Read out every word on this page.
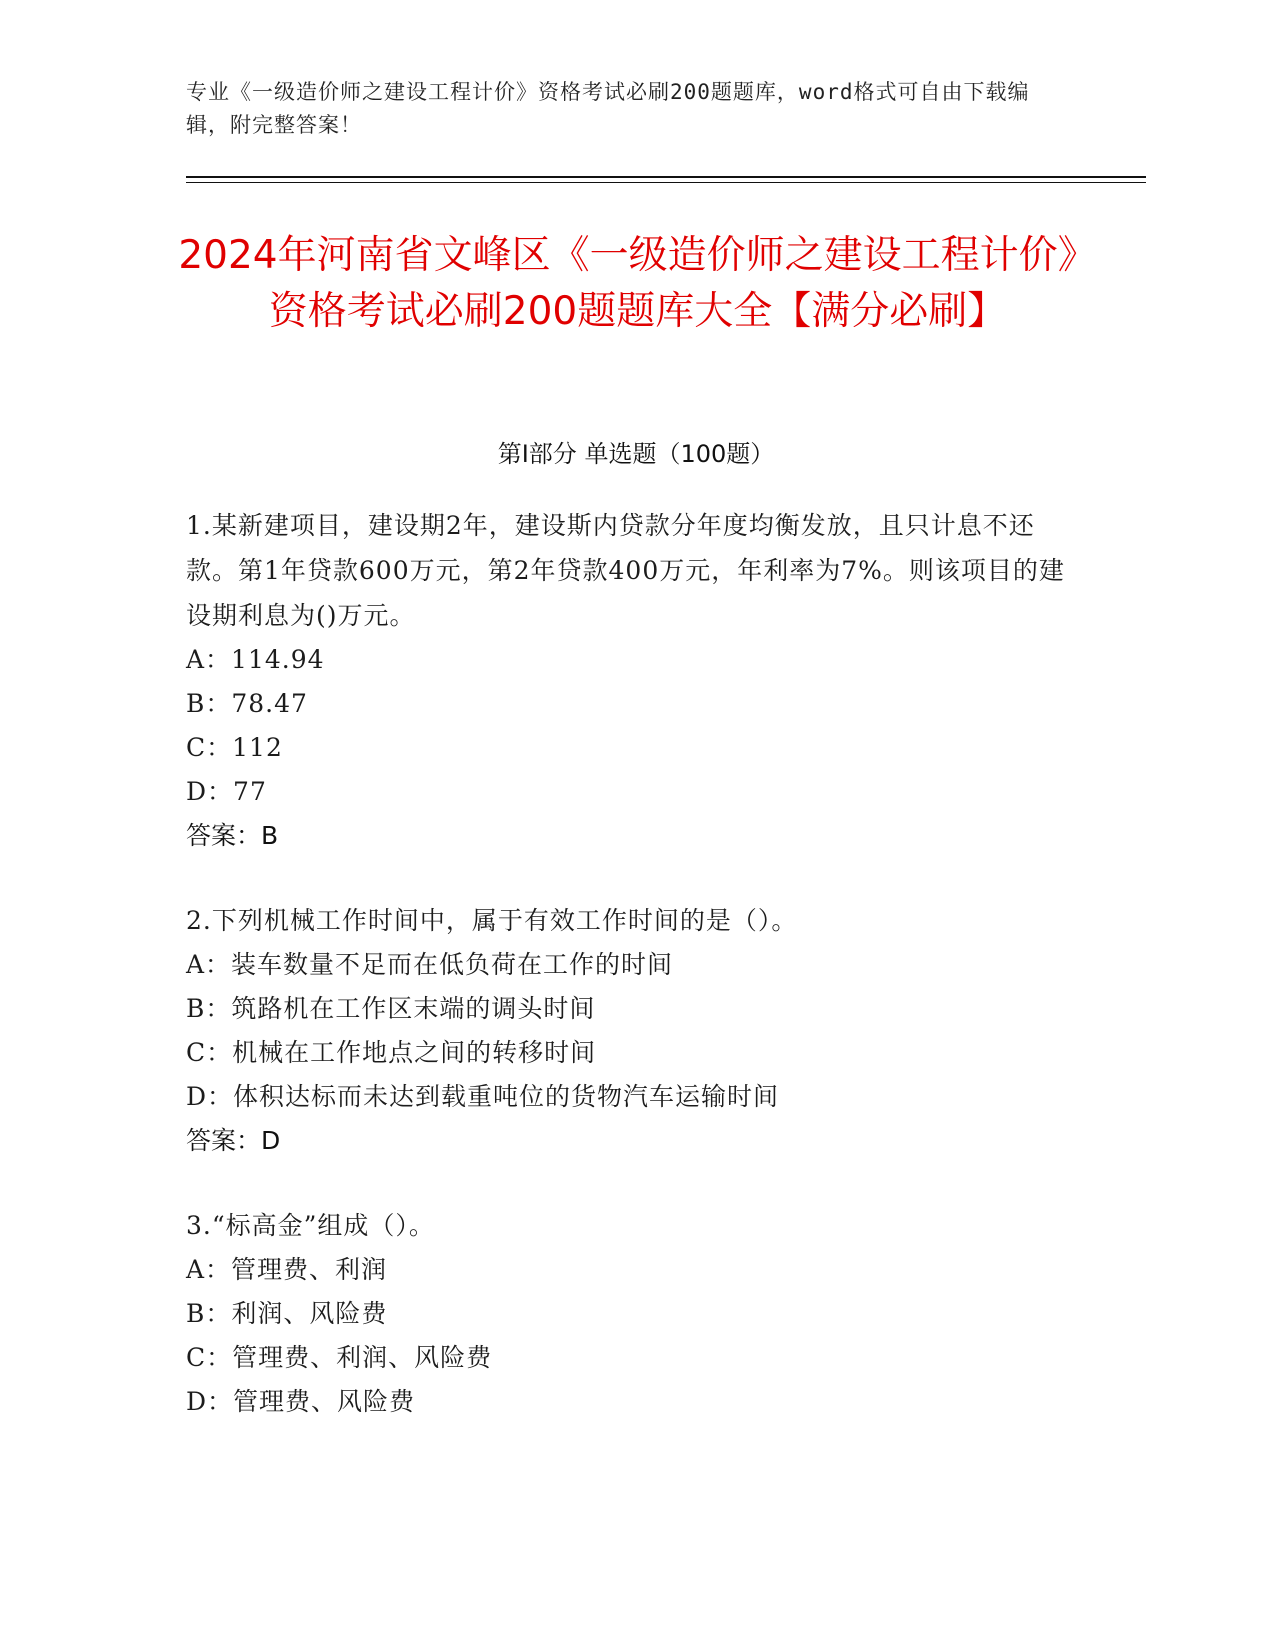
专业《一级造价师之建设工程计价》资格考试必刷200题题库，word格式可自由下载编辑，附完整答案！
2024年河南省文峰区《一级造价师之建设工程计价》资格考试必刷200题题库大全【满分必刷】
第I部分 单选题（100题）
1.某新建项目，建设期2年，建设斯内贷款分年度均衡发放，且只计息不还款。第1年贷款600万元，第2年贷款400万元，年利率为7%。则该项目的建设期利息为()万元。
A：114.94
B：78.47
C：112
D：77
答案：B
2.下列机械工作时间中，属于有效工作时间的是（）。
A：装车数量不足而在低负荷在工作的时间
B：筑路机在工作区末端的调头时间
C：机械在工作地点之间的转移时间
D：体积达标而未达到载重吨位的货物汽车运输时间
答案：D
3.“标高金”组成（）。
A：管理费、利润
B：利润、风险费
C：管理费、利润、风险费
D：管理费、风险费
